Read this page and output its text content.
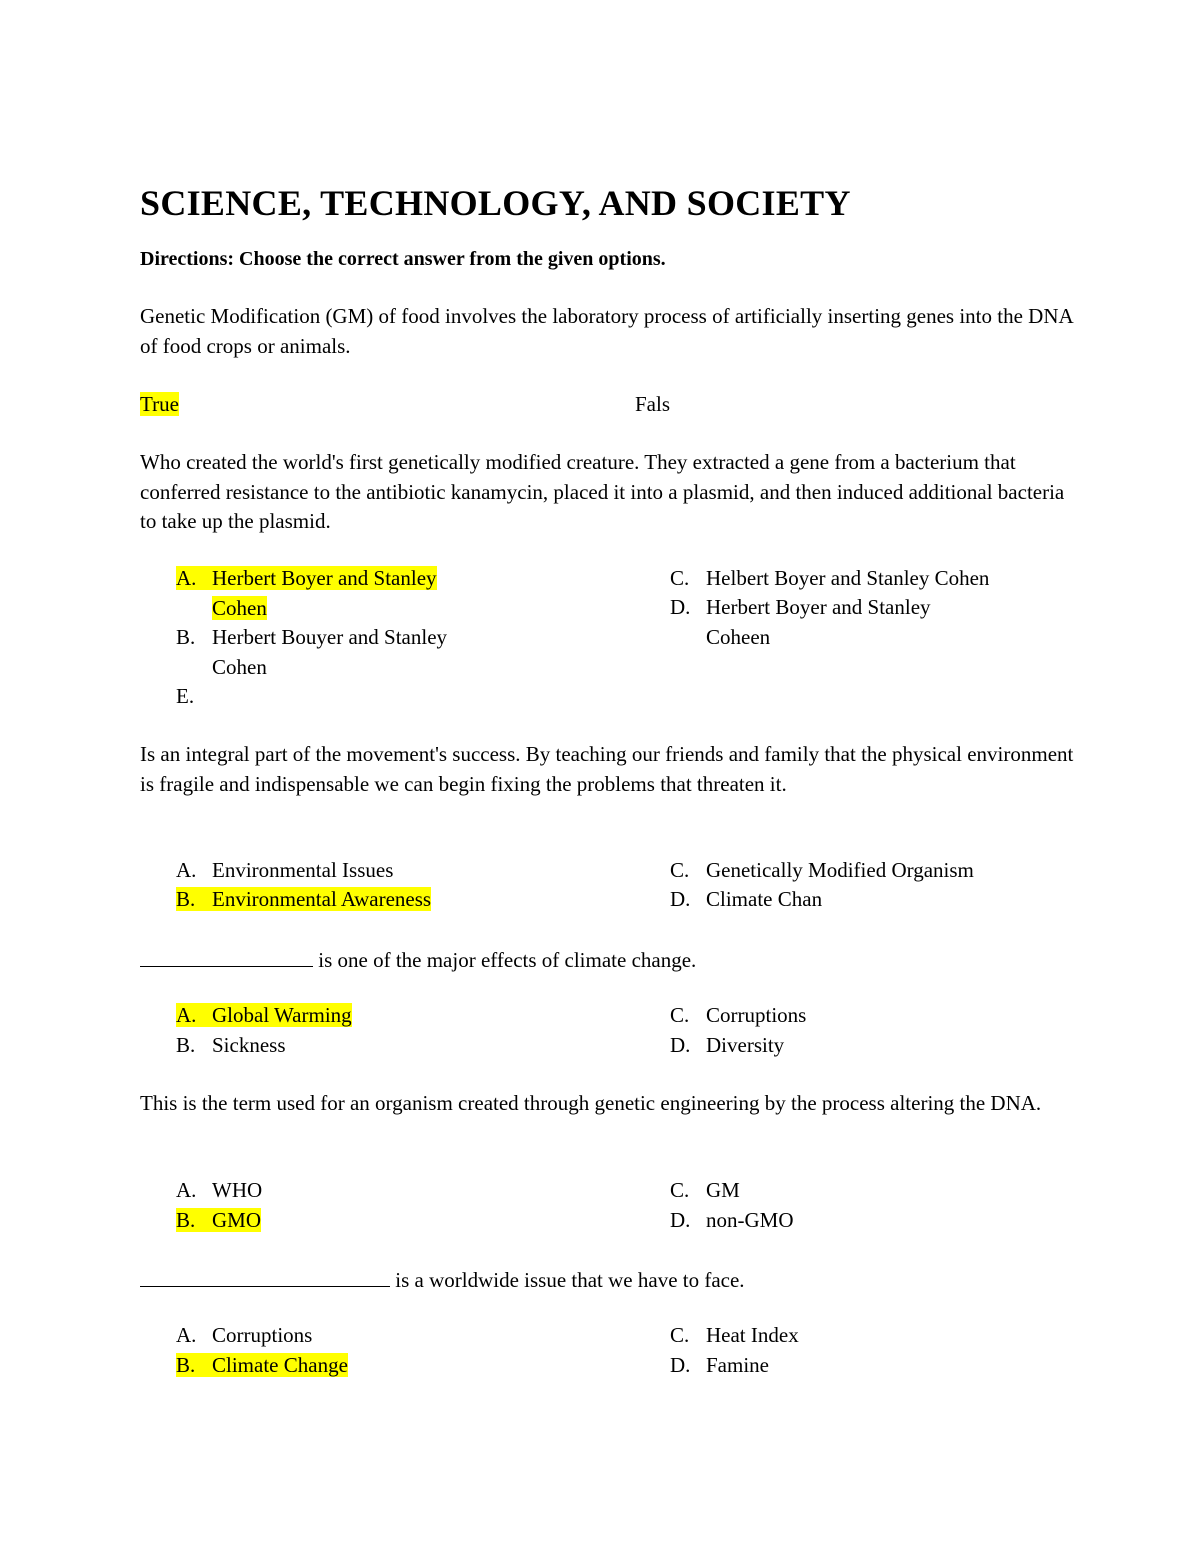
SCIENCE, TECHNOLOGY, AND SOCIETY
Directions: Choose the correct answer from the given options.
Genetic Modification (GM) of food involves the laboratory process of artificially inserting genes into the DNA of food crops or animals.
True	Fals
Who created the world's first genetically modified creature. They extracted a gene from a bacterium that conferred resistance to the antibiotic kanamycin, placed it into a plasmid, and then induced additional bacteria to take up the plasmid.
A. Herbert Boyer and Stanley
Cohen
B. Herbert Bouyer and Stanley
Cohen
E.
C. Helbert Boyer and Stanley Cohen
D. Herbert Boyer and Stanley
Coheen
Is an integral part of the movement's success. By teaching our friends and family that the physical environment is fragile and indispensable we can begin fixing the problems that threaten it.
A. Environmental Issues
B. Environmental Awareness
C. Genetically Modified Organism
D. Climate Chan
is one of the major effects of climate change.
A. Global Warming
B. Sickness
C. Corruptions
D. Diversity
This is the term used for an organism created through genetic engineering by the process altering the DNA.
A. WHO
B. GMO
C. GM
D. non-GMO
is a worldwide issue that we have to face.
A. Corruptions
B. Climate Change
C. Heat Index
D. Famine
